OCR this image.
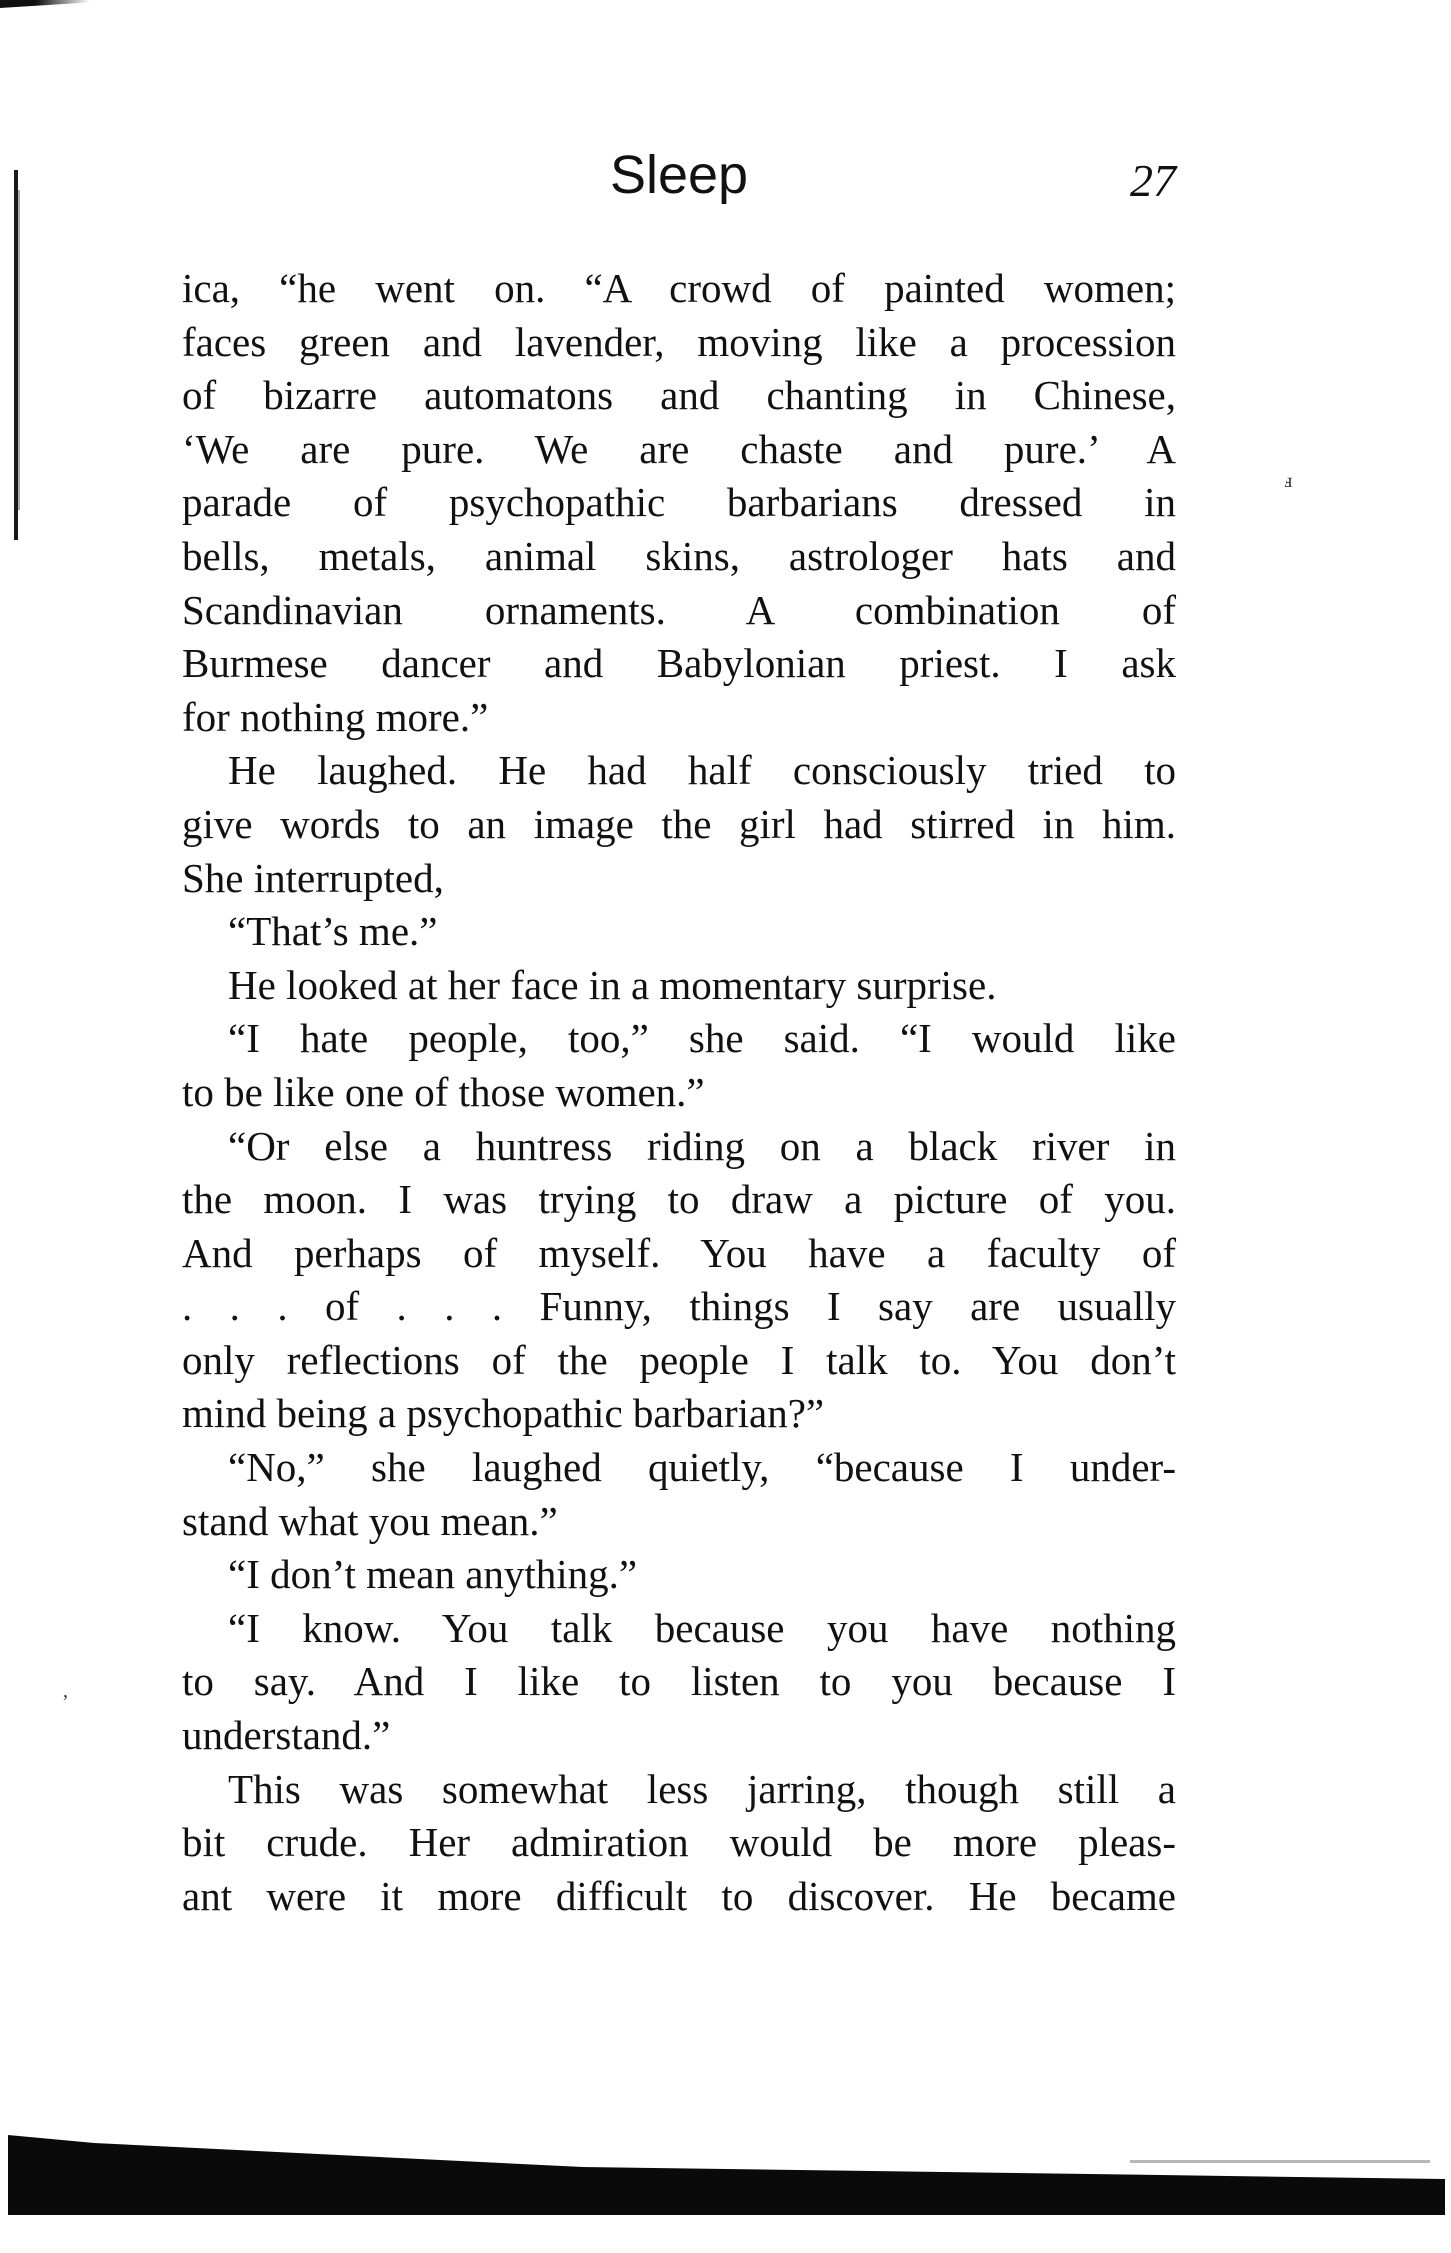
Sleep	27
ica, “he went on. “A crowd of painted women;
faces green and lavender, moving like a procession
of bizarre automatons and chanting in Chinese,
‘We are pure. We are chaste and pure.’ A
parade of psychopathic barbarians dressed in
bells, metals, animal skins, astrologer hats and
Scandinavian ornaments. A combination of
Burmese dancer and Babylonian priest. I ask
for nothing more.”
He laughed. He had half consciously tried to
give words to an image the girl had stirred in him.
She interrupted,
“That’s me.”
He looked at her face in a momentary surprise.
“I hate people, too,” she said. “I would like
to be like one of those women.”
“Or else a huntress riding on a black river in
the moon. I was trying to draw a picture of you.
And perhaps of myself. You have a faculty of
. . . of . . . Funny, things I say are usually
only reflections of the people I talk to. You don’t
mind being a psychopathic barbarian?”
“No,” she laughed quietly, “because I under-
stand what you mean.”
“I don’t mean anything.”
“I know. You talk because you have nothing
to say. And I like to listen to you because I
understand.”
This was somewhat less jarring, though still a
bit crude. Her admiration would be more pleas-
ant were it more difficult to discover. He became
ⅎ
‚
